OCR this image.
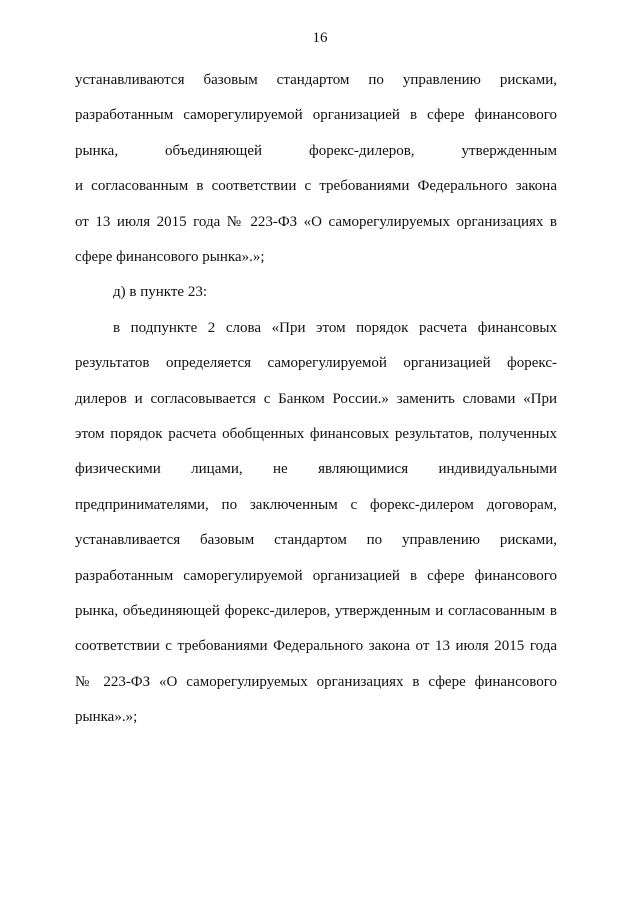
16
устанавливаются базовым стандартом по управлению рисками,
разработанным саморегулируемой организацией в сфере финансового
рынка, объединяющей форекс-дилеров, утвержденным
и согласованным в соответствии с требованиями Федерального закона
от 13 июля 2015 года № 223-ФЗ «О саморегулируемых организациях в
сфере финансового рынка».»;
д) в пункте 23:
в подпункте 2 слова «При этом порядок расчета финансовых
результатов определяется саморегулируемой организацией форекс-
дилеров и согласовывается с Банком России.» заменить словами «При
этом порядок расчета обобщенных финансовых результатов, полученных
физическими лицами, не являющимися индивидуальными
предпринимателями, по заключенным с форекс-дилером договорам,
устанавливается базовым стандартом по управлению рисками,
разработанным саморегулируемой организацией в сфере финансового
рынка, объединяющей форекс-дилеров, утвержденным и согласованным в
соответствии с требованиями Федерального закона от 13 июля 2015 года
№ 223-ФЗ «О саморегулируемых организациях в сфере финансового
рынка».»;
